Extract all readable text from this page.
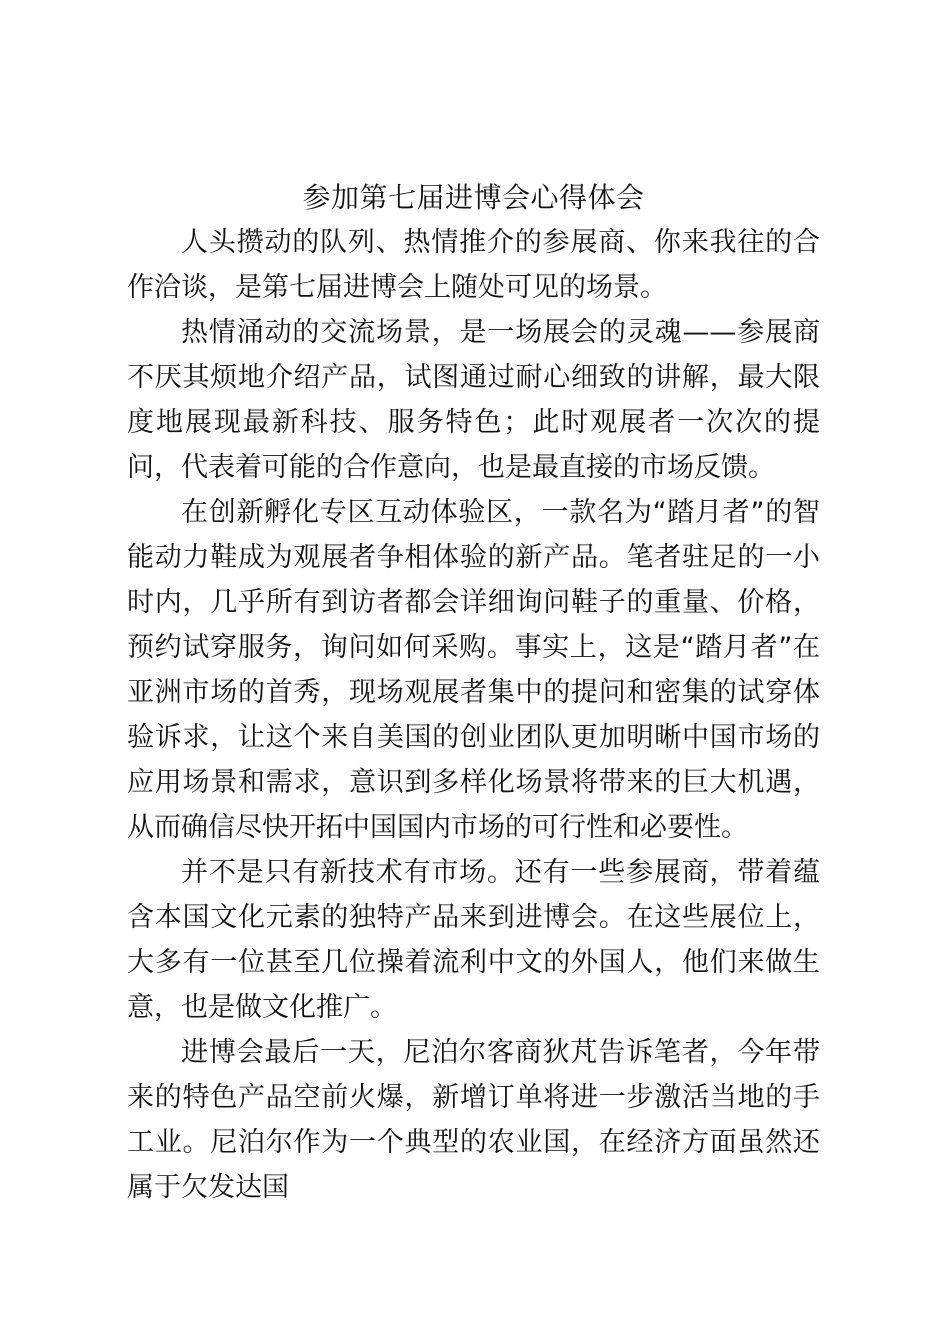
参加第七届进博会心得体会

人头攒动的队列、热情推介的参展商、你来我往的合作洽谈，是第七届进博会上随处可见的场景。

热情涌动的交流场景，是一场展会的灵魂——参展商不厌其烦地介绍产品，试图通过耐心细致的讲解，最大限度地展现最新科技、服务特色；此时观展者一次次的提问，代表着可能的合作意向，也是最直接的市场反馈。

在创新孵化专区互动体验区，一款名为“踏月者”的智能动力鞋成为观展者争相体验的新产品。笔者驻足的一小时内，几乎所有到访者都会详细询问鞋子的重量、价格，预约试穿服务，询问如何采购。事实上，这是“踏月者”在亚洲市场的首秀，现场观展者集中的提问和密集的试穿体验诉求，让这个来自美国的创业团队更加明晰中国市场的应用场景和需求，意识到多样化场景将带来的巨大机遇，从而确信尽快开拓中国国内市场的可行性和必要性。

并不是只有新技术有市场。还有一些参展商，带着蕴含本国文化元素的独特产品来到进博会。在这些展位上，大多有一位甚至几位操着流利中文的外国人，他们来做生意，也是做文化推广。

进博会最后一天，尼泊尔客商狄芃告诉笔者，今年带来的特色产品空前火爆，新增订单将进一步激活当地的手工业。尼泊尔作为一个典型的农业国，在经济方面虽然还属于欠发达国
